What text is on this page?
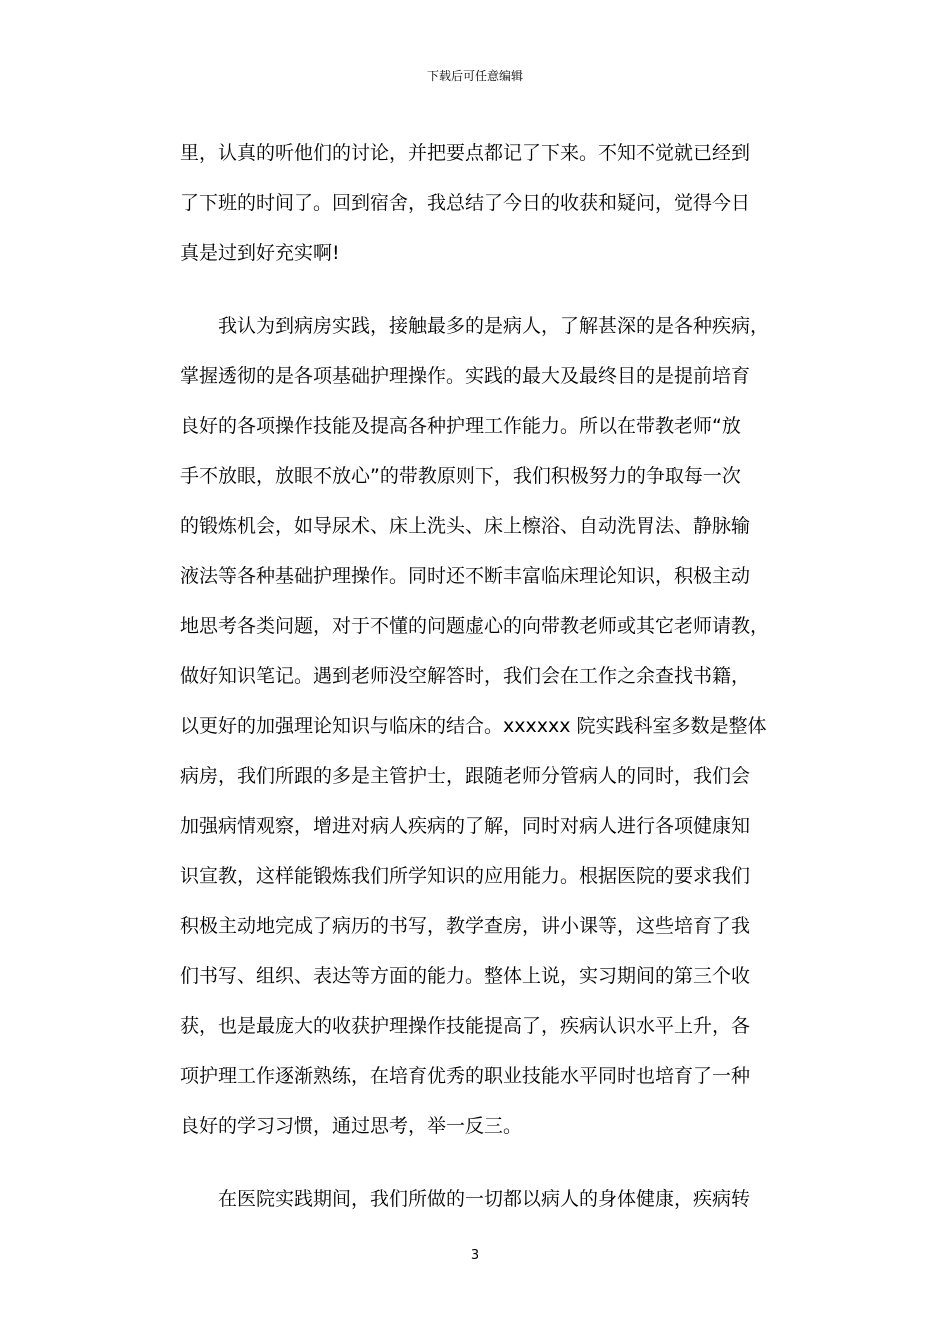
下载后可任意编辑
里，认真的听他们的讨论，并把要点都记了下来。不知不觉就已经到
了下班的时间了。回到宿舍，我总结了今日的收获和疑问，觉得今日
真是过到好充实啊!
我认为到病房实践，接触最多的是病人，了解甚深的是各种疾病，
掌握透彻的是各项基础护理操作。实践的最大及最终目的是提前培育
良好的各项操作技能及提高各种护理工作能力。所以在带教老师“放
手不放眼，放眼不放心”的带教原则下，我们积极努力的争取每一次
的锻炼机会，如导尿术、床上洗头、床上檫浴、自动洗胃法、静脉输
液法等各种基础护理操作。同时还不断丰富临床理论知识，积极主动
地思考各类问题，对于不懂的问题虚心的向带教老师或其它老师请教，
做好知识笔记。遇到老师没空解答时，我们会在工作之余查找书籍，
以更好的加强理论知识与临床的结合。xxxxxx 院实践科室多数是整体
病房，我们所跟的多是主管护士，跟随老师分管病人的同时，我们会
加强病情观察，增进对病人疾病的了解，同时对病人进行各项健康知
识宣教，这样能锻炼我们所学知识的应用能力。根据医院的要求我们
积极主动地完成了病历的书写，教学查房，讲小课等，这些培育了我
们书写、组织、表达等方面的能力。整体上说，实习期间的第三个收
获，也是最庞大的收获护理操作技能提高了，疾病认识水平上升，各
项护理工作逐渐熟练，在培育优秀的职业技能水平同时也培育了一种
良好的学习习惯，通过思考，举一反三。
在医院实践期间，我们所做的一切都以病人的身体健康，疾病转
3
